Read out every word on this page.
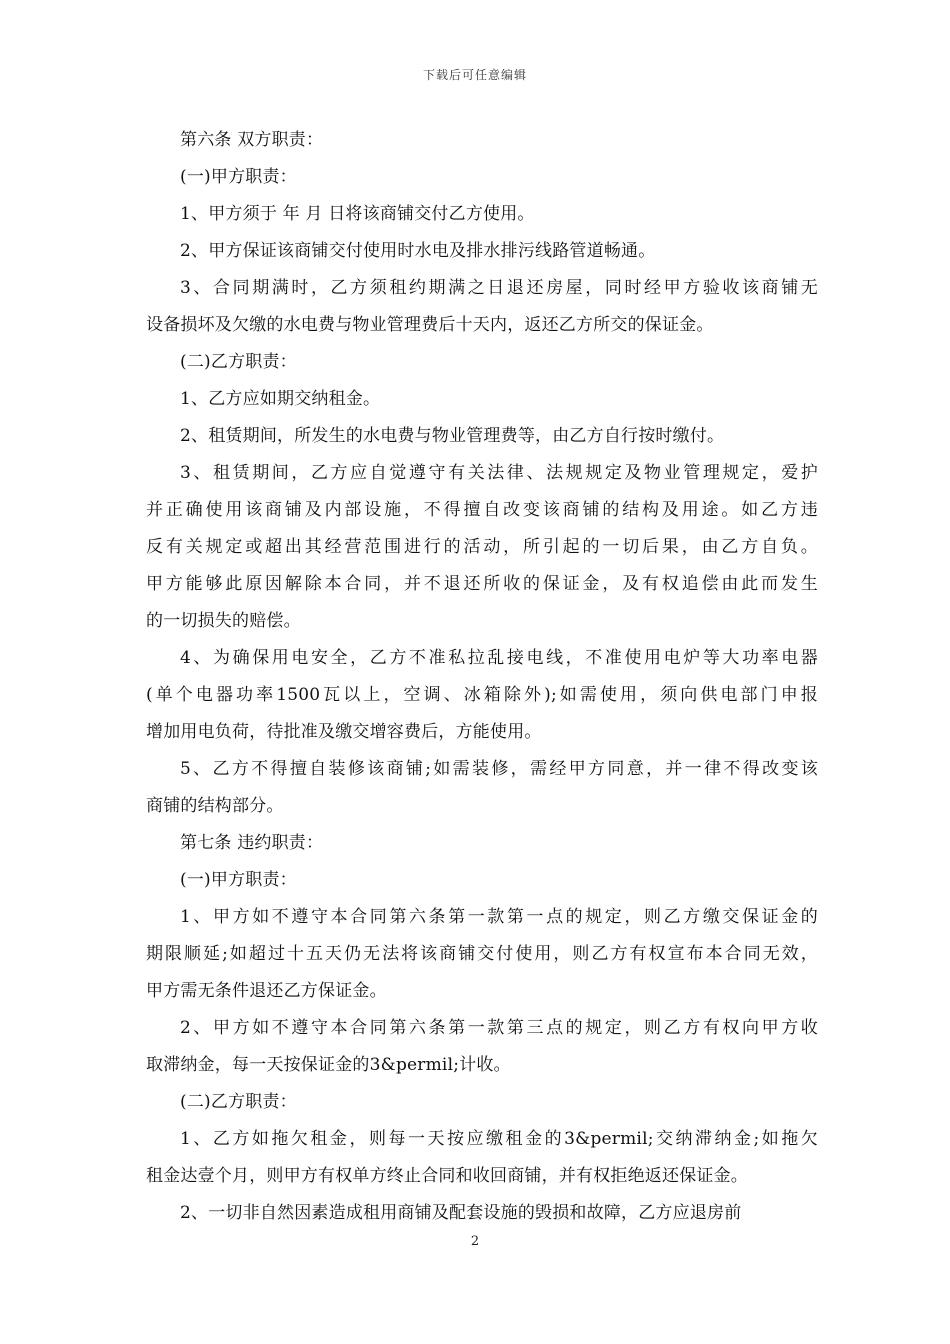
下载后可任意编辑
第六条 双方职责：
(一)甲方职责：
1、甲方须于 年 月 日将该商铺交付乙方使用。
2、甲方保证该商铺交付使用时水电及排水排污线路管道畅通。
3、合同期满时，乙方须租约期满之日退还房屋，同时经甲方验收该商铺无
设备损坏及欠缴的水电费与物业管理费后十天内，返还乙方所交的保证金。
(二)乙方职责：
1、乙方应如期交纳租金。
2、租赁期间，所发生的水电费与物业管理费等，由乙方自行按时缴付。
3、租赁期间，乙方应自觉遵守有关法律、法规规定及物业管理规定，爱护
并正确使用该商铺及内部设施，不得擅自改变该商铺的结构及用途。如乙方违
反有关规定或超出其经营范围进行的活动，所引起的一切后果，由乙方自负。
甲方能够此原因解除本合同，并不退还所收的保证金，及有权追偿由此而发生
的一切损失的赔偿。
4、为确保用电安全，乙方不准私拉乱接电线，不准使用电炉等大功率电器
(单个电器功率1500瓦以上，空调、冰箱除外);如需使用，须向供电部门申报
增加用电负荷，待批准及缴交增容费后，方能使用。
5、乙方不得擅自装修该商铺;如需装修，需经甲方同意，并一律不得改变该
商铺的结构部分。
第七条 违约职责：
(一)甲方职责：
1、甲方如不遵守本合同第六条第一款第一点的规定，则乙方缴交保证金的
期限顺延;如超过十五天仍无法将该商铺交付使用，则乙方有权宣布本合同无效，
甲方需无条件退还乙方保证金。
2、甲方如不遵守本合同第六条第一款第三点的规定，则乙方有权向甲方收
取滞纳金，每一天按保证金的3&permil;计收。
(二)乙方职责：
1、乙方如拖欠租金，则每一天按应缴租金的3&permil;交纳滞纳金;如拖欠
租金达壹个月，则甲方有权单方终止合同和收回商铺，并有权拒绝返还保证金。
2、一切非自然因素造成租用商铺及配套设施的毁损和故障，乙方应退房前
2
